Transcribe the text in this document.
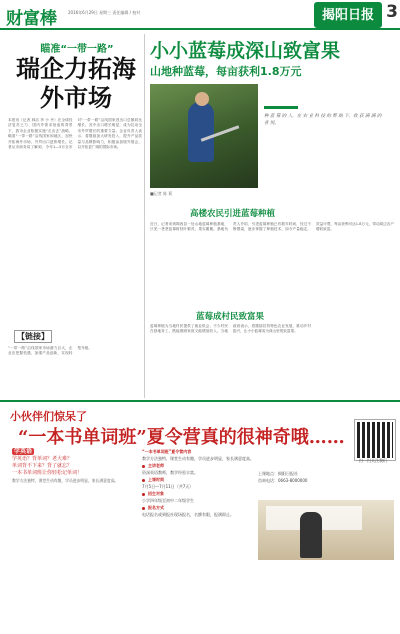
财富棒	2016年6月29日 星期三 责任编辑 / 校对	揭阳日报 3
瞄准“一带一路”
瑞企力拓海外市场
本报讯（记者 林洁 李 小 丹）在全球经济复苏乏力、国内外需求低迷的背景下，我市企业积极实施“走出去”战略，瞄准“一带一路”沿线国家和地区，加快开拓海外市场，外贸出口逆势增长。记者从市商务局了解到，今年1—5月全市对“一带一路”沿线国家进出口总额同比增长，其中出口增长明显，成为拉动全市外贸增长的重要力量。企业负责人表示，将继续加大研发投入，提升产品质量与品牌影响力，积极参加境外展会，以开拓更广阔的国际市场。
【链接】
“一带一路”沿线国家市场潜力巨大，企业应把握机遇，加强产品创新，实现转型升级。
小小蓝莓成深山致富果
山地种蓝莓，每亩获利1.8万元
■记者 陈 莉
种 蓝 莓 的 人，在 农 业 科 技 的 帮 助 下，收 获 满 满 的 喜 悦。
高楼农民引进蓝莓种植
近日，记者来到揭西县一处山地蓝莓种植基地，只见一垄垄蓝莓树枝叶繁茂，果实累累。基地负责人介绍，引进蓝莓种植已有数年时间，经过不断摸索，逐步掌握了种植技术，如今产量稳定，效益可观，每亩获利可达1.8万元，带动周边农户增收致富。
蓝莓成村民致富果
蓝莓种植为当地村民提供了就业机会，不少村民在基地务工，既能照顾家庭又能增加收入。当地政府表示，将继续扶持特色农业发展，推动乡村振兴，让小小蓝莓成为深山里的致富果。
小伙伴们惊呆了
“一本书单词班”夏令营真的很神奇哦……
学英语
学英语？背单词？老大难？
单词背不下来？背了就忘？
一本书单词班让你轻松记单词！
教学方法独特，课堂生动有趣，学员进步明显，家长满意度高。
“一本书单词班”夏令营内容
教学方法独特，课堂生动有趣，学员进步明显，家长满意度高。
主讲老师
资深英语教师，教学经验丰富。
上课时间
7月5日—7月11日（共7天）
招生对象
小学四年级至初中二年级学生
报名方式
电话报名或到报社现场报名，名额有限，报满即止。
扫一扫关注我们
上课地点：揭阳日报社
咨询电话：0663-8000000
